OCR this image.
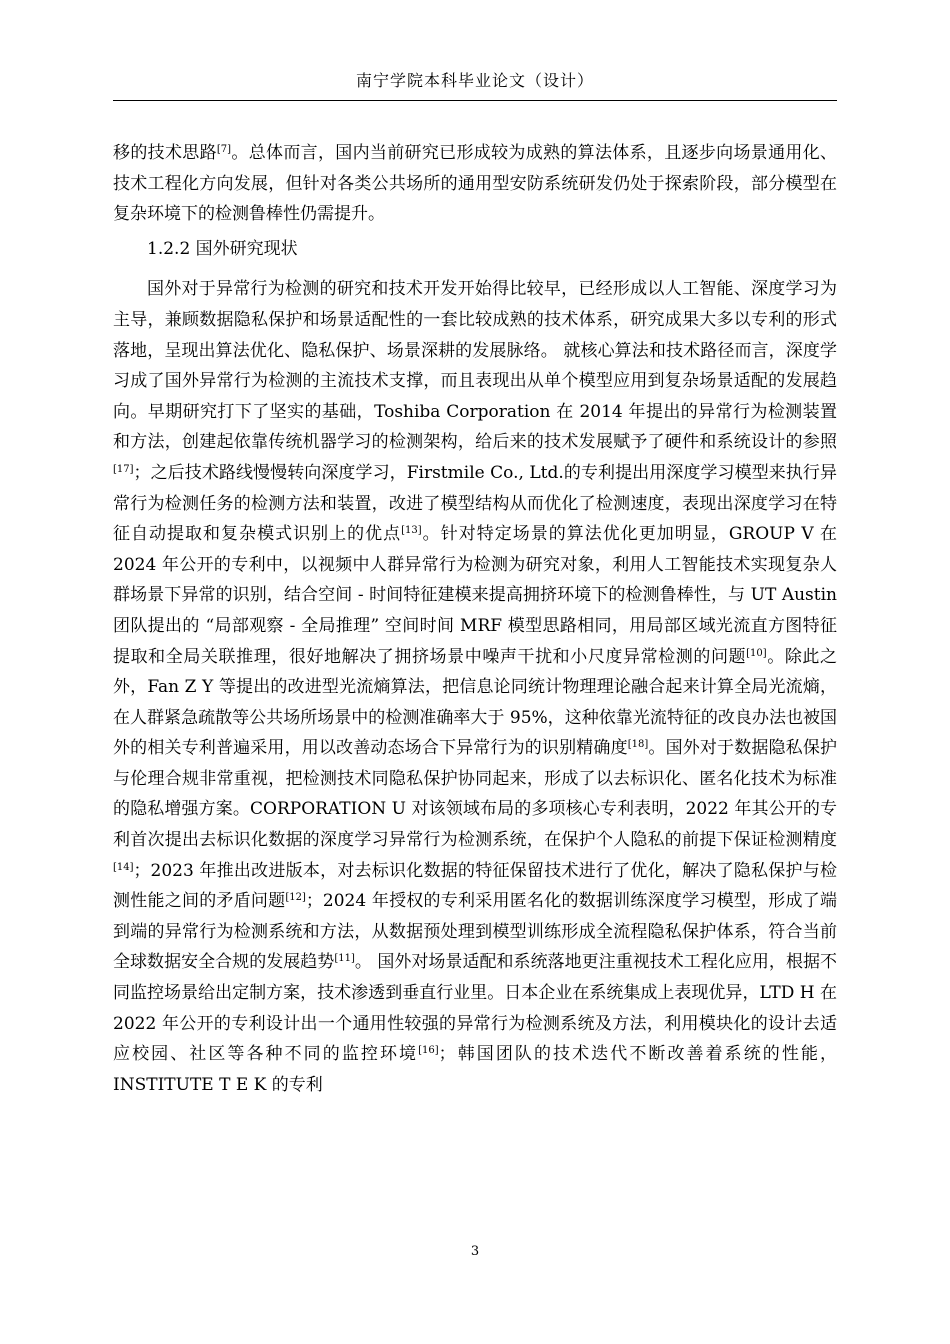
南宁学院本科毕业论文（设计）

移的技术思路[7]。总体而言，国内当前研究已形成较为成熟的算法体系，且逐步向场景通用化、技术工程化方向发展，但针对各类公共场所的通用型安防系统研发仍处于探索阶段，部分模型在复杂环境下的检测鲁棒性仍需提升。

1.2.2 国外研究现状

国外对于异常行为检测的研究和技术开发开始得比较早，已经形成以人工智能、深度学习为主导，兼顾数据隐私保护和场景适配性的一套比较成熟的技术体系，研究成果大多以专利的形式落地，呈现出算法优化、隐私保护、场景深耕的发展脉络。 就核心算法和技术路径而言，深度学习成了国外异常行为检测的主流技术支撑，而且表现出从单个模型应用到复杂场景适配的发展趋向。早期研究打下了坚实的基础，Toshiba Corporation 在 2014 年提出的异常行为检测装置和方法，创建起依靠传统机器学习的检测架构，给后来的技术发展赋予了硬件和系统设计的参照[17]；之后技术路线慢慢转向深度学习，Firstmile Co., Ltd.的专利提出用深度学习模型来执行异常行为检测任务的检测方法和装置，改进了模型结构从而优化了检测速度，表现出深度学习在特征自动提取和复杂模式识别上的优点[13]。针对特定场景的算法优化更加明显，GROUP V 在 2024 年公开的专利中，以视频中人群异常行为检测为研究对象，利用人工智能技术实现复杂人群场景下异常的识别，结合空间 - 时间特征建模来提高拥挤环境下的检测鲁棒性，与 UT Austin 团队提出的 “局部观察 - 全局推理” 空间时间 MRF 模型思路相同，用局部区域光流直方图特征提取和全局关联推理，很好地解决了拥挤场景中噪声干扰和小尺度异常检测的问题[10]。除此之外，Fan Z Y 等提出的改进型光流熵算法，把信息论同统计物理理论融合起来计算全局光流熵，在人群紧急疏散等公共场所场景中的检测准确率大于 95%，这种依靠光流特征的改良办法也被国外的相关专利普遍采用，用以改善动态场合下异常行为的识别精确度[18]。国外对于数据隐私保护与伦理合规非常重视，把检测技术同隐私保护协同起来，形成了以去标识化、匿名化技术为标准的隐私增强方案。CORPORATION U 对该领域布局的多项核心专利表明，2022 年其公开的专利首次提出去标识化数据的深度学习异常行为检测系统，在保护个人隐私的前提下保证检测精度[14]；2023 年推出改进版本，对去标识化数据的特征保留技术进行了优化，解决了隐私保护与检测性能之间的矛盾问题[12]；2024 年授权的专利采用匿名化的数据训练深度学习模型，形成了端到端的异常行为检测系统和方法，从数据预处理到模型训练形成全流程隐私保护体系，符合当前全球数据安全合规的发展趋势[11]。 国外对场景适配和系统落地更注重视技术工程化应用，根据不同监控场景给出定制方案，技术渗透到垂直行业里。日本企业在系统集成上表现优异，LTD H 在 2022 年公开的专利设计出一个通用性较强的异常行为检测系统及方法，利用模块化的设计去适应校园、社区等各种不同的监控环境[16]；韩国团队的技术迭代不断改善着系统的性能，INSTITUTE T E K 的专利

3
